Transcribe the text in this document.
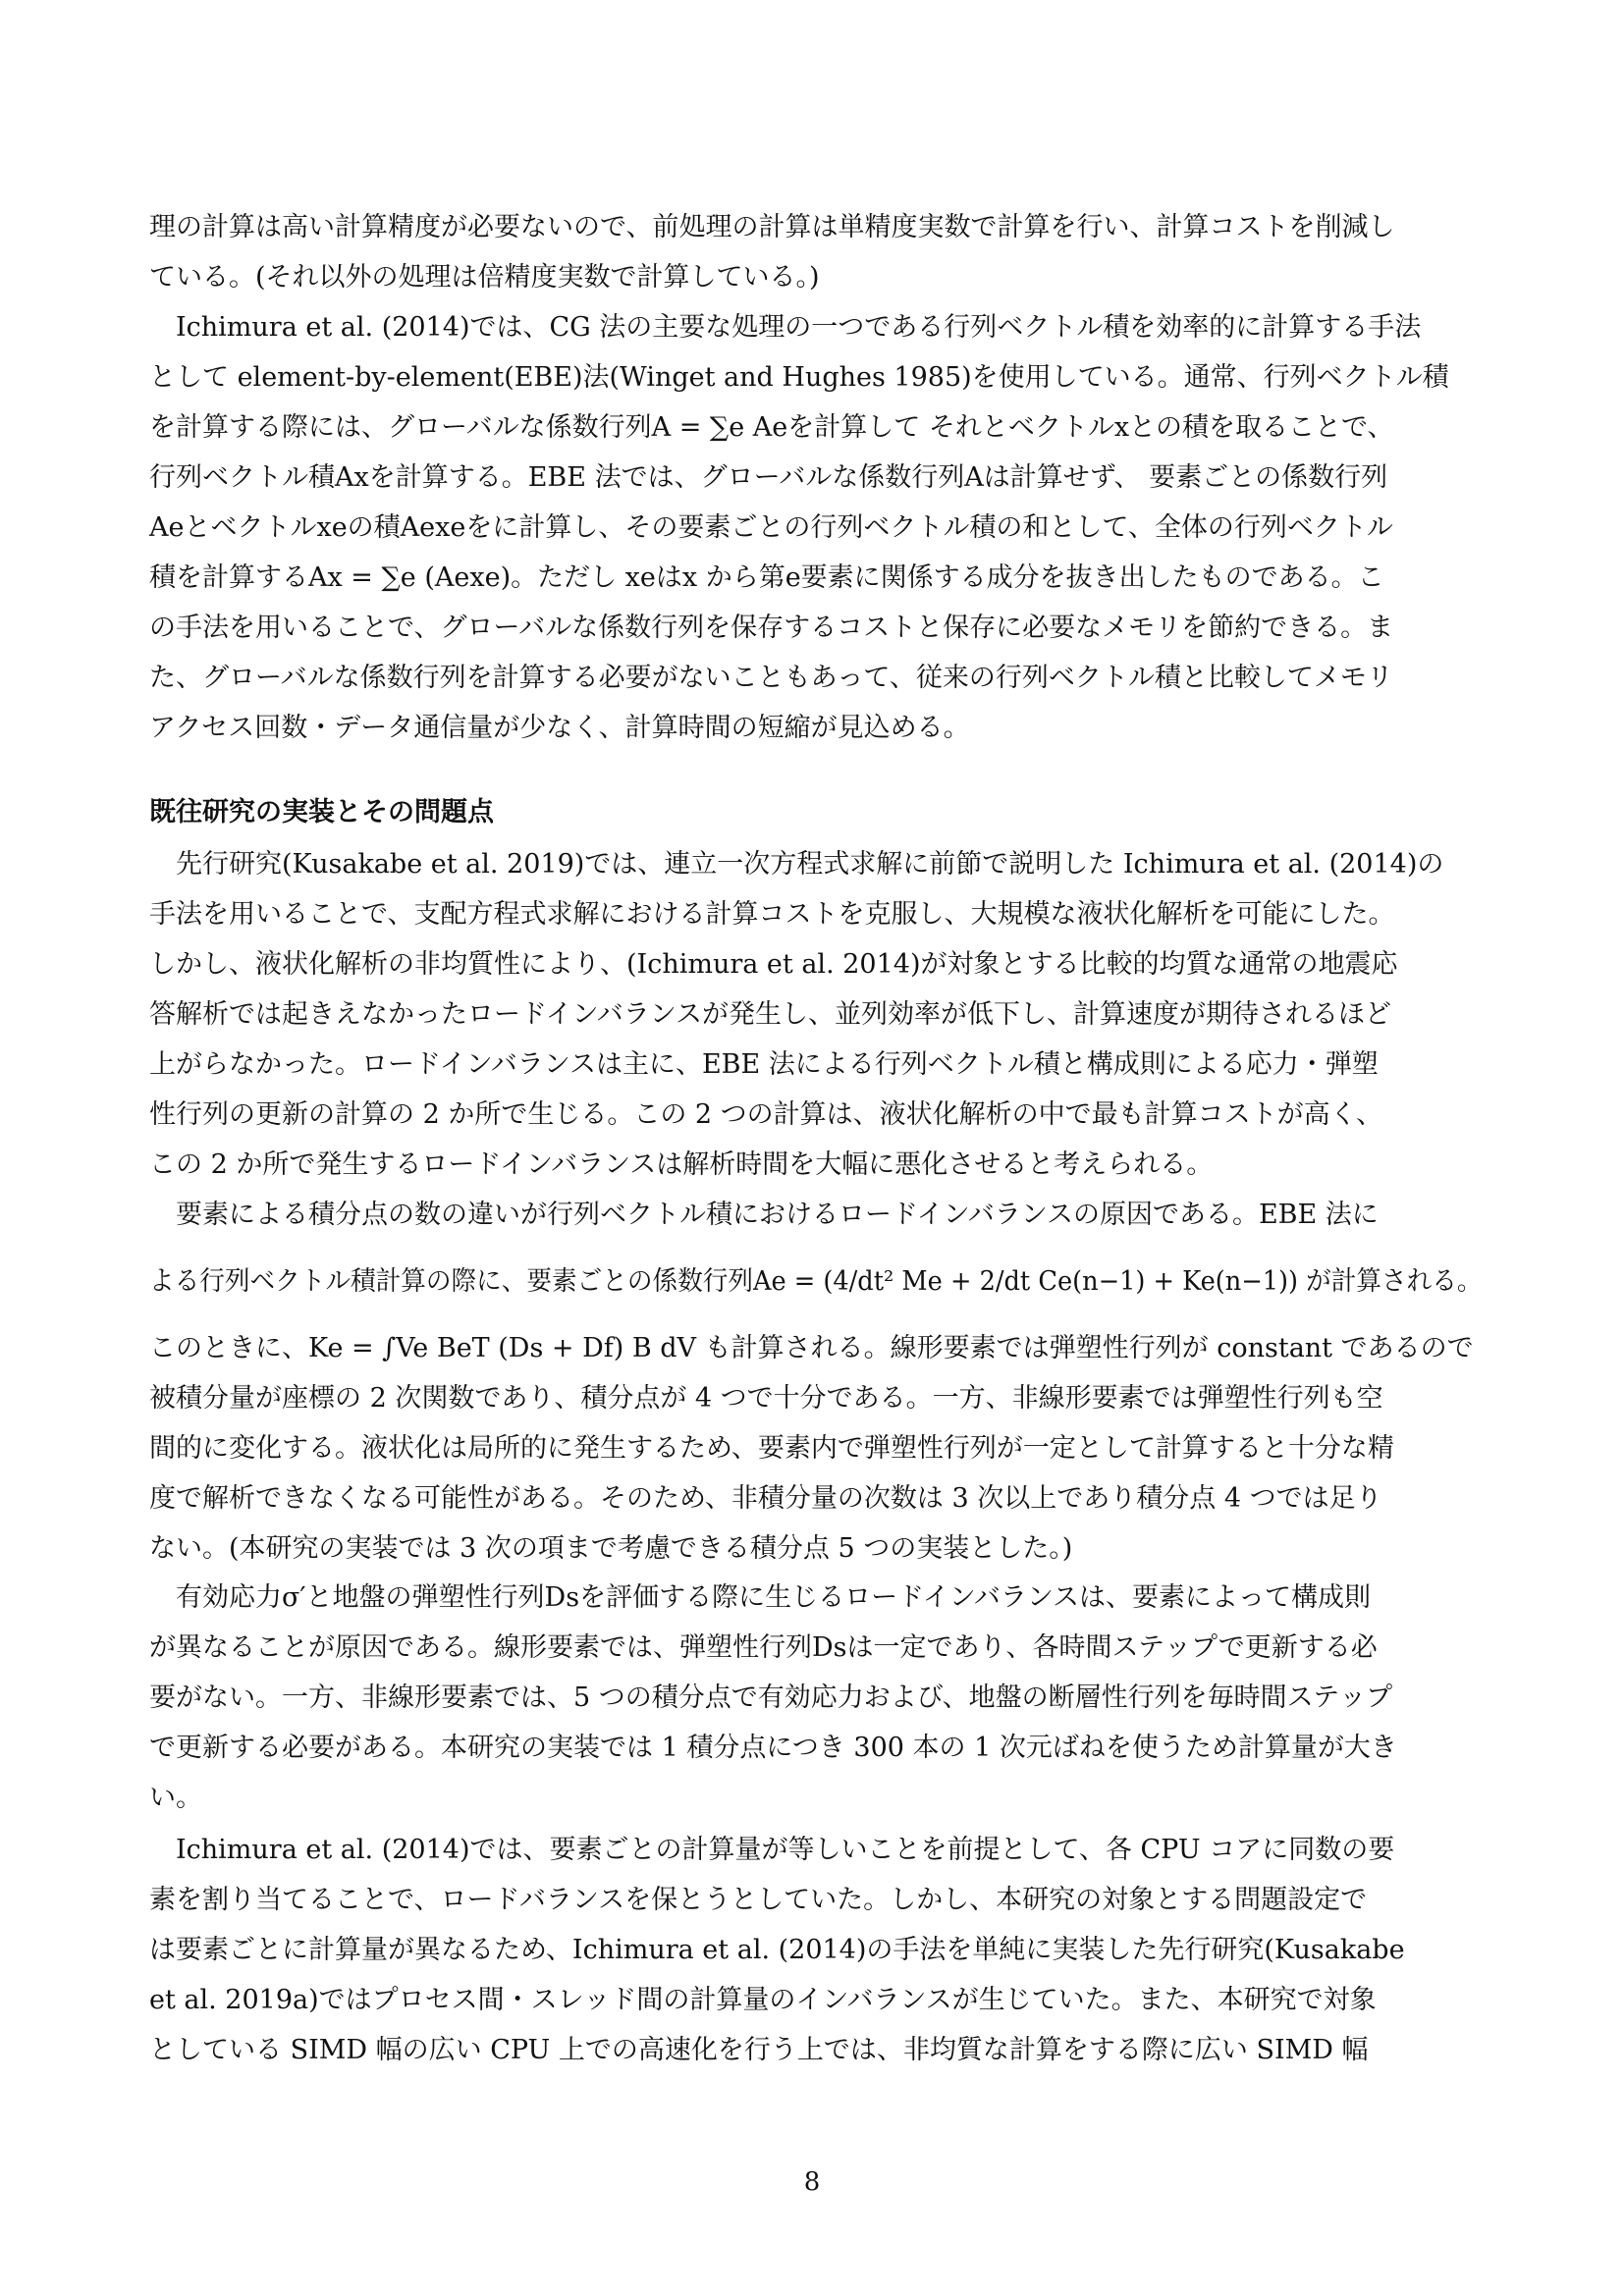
理の計算は高い計算精度が必要ないので、前処理の計算は単精度実数で計算を行い、計算コストを削減し
ている。(それ以外の処理は倍精度実数で計算している。)
　Ichimura et al. (2014)では、CG 法の主要な処理の一つである行列ベクトル積を効率的に計算する手法
として element-by-element(EBE)法(Winget and Hughes 1985)を使用している。通常、行列ベクトル積
を計算する際には、グローバルな係数行列A = ∑e Aeを計算して それとベクトルxとの積を取ることで、
行列ベクトル積Axを計算する。EBE 法では、グローバルな係数行列Aは計算せず、 要素ごとの係数行列
Aeとベクトルxeの積Aexeをに計算し、その要素ごとの行列ベクトル積の和として、全体の行列ベクトル
積を計算するAx = ∑e (Aexe)。ただし xeはx から第e要素に関係する成分を抜き出したものである。こ
の手法を用いることで、グローバルな係数行列を保存するコストと保存に必要なメモリを節約できる。ま
た、グローバルな係数行列を計算する必要がないこともあって、従来の行列ベクトル積と比較してメモリ
アクセス回数・データ通信量が少なく、計算時間の短縮が見込める。
既往研究の実装とその問題点
　先行研究(Kusakabe et al. 2019)では、連立一次方程式求解に前節で説明した Ichimura et al. (2014)の
手法を用いることで、支配方程式求解における計算コストを克服し、大規模な液状化解析を可能にした。
しかし、液状化解析の非均質性により、(Ichimura et al. 2014)が対象とする比較的均質な通常の地震応
答解析では起きえなかったロードインバランスが発生し、並列効率が低下し、計算速度が期待されるほど
上がらなかった。ロードインバランスは主に、EBE 法による行列ベクトル積と構成則による応力・弾塑
性行列の更新の計算の 2 か所で生じる。この 2 つの計算は、液状化解析の中で最も計算コストが高く、
この 2 か所で発生するロードインバランスは解析時間を大幅に悪化させると考えられる。
　要素による積分点の数の違いが行列ベクトル積におけるロードインバランスの原因である。EBE 法に
よる行列ベクトル積計算の際に、要素ごとの係数行列Ae = (4/dt² Me + 2/dt Ce(n−1) + Ke(n−1)) が計算される。
このときに、Ke = ∫Ve BeT (Ds + Df) B dV も計算される。線形要素では弾塑性行列が constant であるので
被積分量が座標の 2 次関数であり、積分点が 4 つで十分である。一方、非線形要素では弾塑性行列も空
間的に変化する。液状化は局所的に発生するため、要素内で弾塑性行列が一定として計算すると十分な精
度で解析できなくなる可能性がある。そのため、非積分量の次数は 3 次以上であり積分点 4 つでは足り
ない。(本研究の実装では 3 次の項まで考慮できる積分点 5 つの実装とした。)
　有効応力σ′と地盤の弾塑性行列Dsを評価する際に生じるロードインバランスは、要素によって構成則
が異なることが原因である。線形要素では、弾塑性行列Dsは一定であり、各時間ステップで更新する必
要がない。一方、非線形要素では、5 つの積分点で有効応力および、地盤の断層性行列を毎時間ステップ
で更新する必要がある。本研究の実装では 1 積分点につき 300 本の 1 次元ばねを使うため計算量が大き
い。
　Ichimura et al. (2014)では、要素ごとの計算量が等しいことを前提として、各 CPU コアに同数の要
素を割り当てることで、ロードバランスを保とうとしていた。しかし、本研究の対象とする問題設定で
は要素ごとに計算量が異なるため、Ichimura et al. (2014)の手法を単純に実装した先行研究(Kusakabe
et al. 2019a)ではプロセス間・スレッド間の計算量のインバランスが生じていた。また、本研究で対象
としている SIMD 幅の広い CPU 上での高速化を行う上では、非均質な計算をする際に広い SIMD 幅
8
